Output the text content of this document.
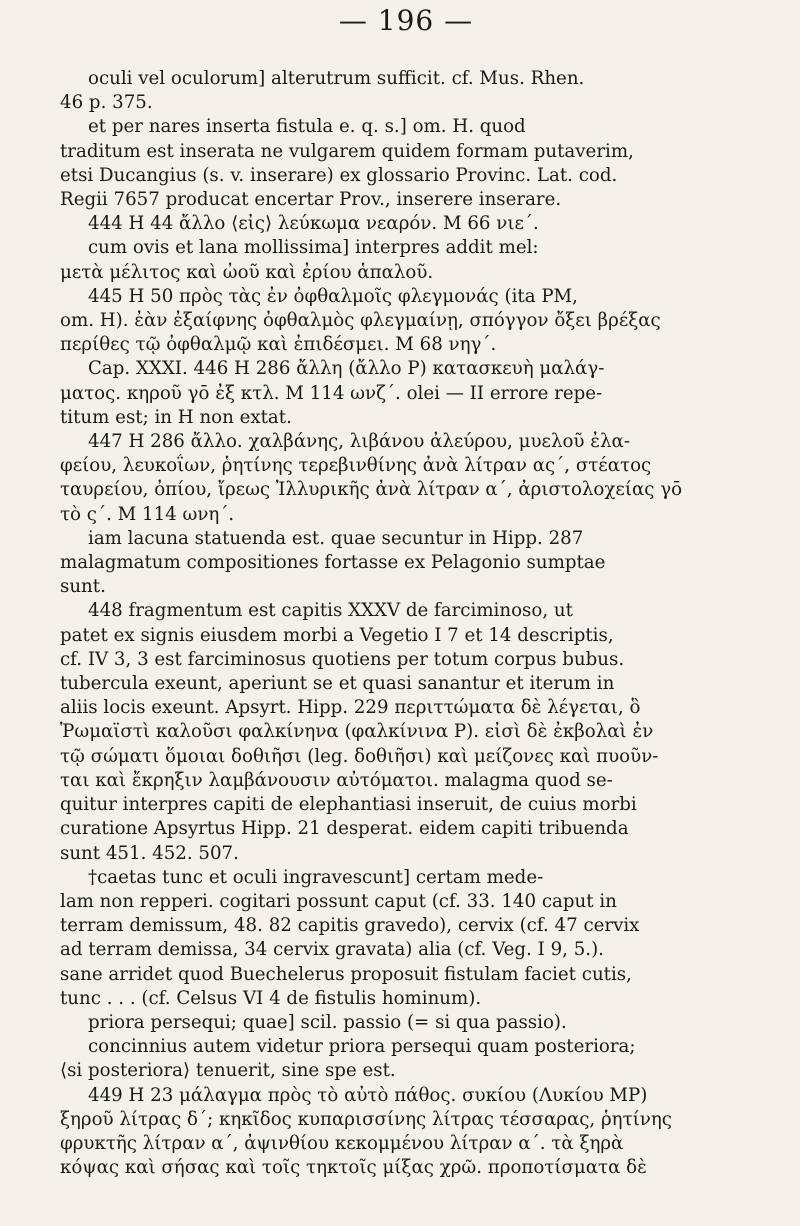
— 196 —
oculi vel oculorum] alterutrum sufficit. cf. Mus. Rhen.
46 p. 375.
et per nares inserta fistula e. q. s.] om. H. quod
traditum est inserata ne vulgarem quidem formam putaverim,
etsi Ducangius (s. v. inserare) ex glossario Provinc. Lat. cod.
Regii 7657 producat encertar Prov., inserere inserare.
444 H 44 ἄλλο ⟨εἰς⟩ λεύκωμα νεαρόν. M 66 νιε΄.
cum ovis et lana mollissima] interpres addit mel:
μετὰ μέλιτος καὶ ὠοῦ καὶ ἐρίου ἁπαλοῦ.
445 H 50 πρὸς τὰς ἐν ὀφθαλμοῖς φλεγμονάς (ita PM,
om. H). ἐὰν ἐξαίφνης ὀφθαλμὸς φλεγμαίνῃ, σπόγγον ὄξει βρέξας
περίθες τῷ ὀφθαλμῷ καὶ ἐπιδέσμει. M 68 νηγ΄.
Cap. XXXI. 446 H 286 ἄλλη (ἄλλο P) κατασκευὴ μαλάγ-
ματος. κηροῦ γō ἐξ κτλ. M 114 ωνζ΄. olei — II errore repe-
titum est; in H non extat.
447 H 286 ἄλλο. χαλβάνης, λιβάνου ἀλεύρου, μυελοῦ ἐλα-
φείου, λευκοΐων, ῥητίνης τερεβινθίνης ἀνὰ λίτραν ας΄, στέατος
ταυρείου, ὀπίου, ἴρεως Ἰλλυρικῆς ἀνὰ λίτραν α΄, ἀριστολοχείας γō
τὸ ς΄. M 114 ωνη΄.
iam lacuna statuenda est. quae secuntur in Hipp. 287
malagmatum compositiones fortasse ex Pelagonio sumptae
sunt.
448 fragmentum est capitis XXXV de farciminoso, ut
patet ex signis eiusdem morbi a Vegetio I 7 et 14 descriptis,
cf. IV 3, 3 est farciminosus quotiens per totum corpus bubus.
tubercula exeunt, aperiunt se et quasi sanantur et iterum in
aliis locis exeunt. Apsyrt. Hipp. 229 περιττώματα δὲ λέγεται, ὃ
Ῥωμαϊστὶ καλοῦσι φαλκίνηνα (φαλκίνινα P). εἰσὶ δὲ ἐκβολαὶ ἐν
τῷ σώματι ὅμοιαι δοθιῆσι (leg. δοθιῆσι) καὶ μείζονες καὶ πυοῦν-
ται καὶ ἔκρηξιν λαμβάνουσιν αὐτόματοι. malagma quod se-
quitur interpres capiti de elephantiasi inseruit, de cuius morbi
curatione Apsyrtus Hipp. 21 desperat. eidem capiti tribuenda
sunt 451. 452. 507.
†caetas tunc et oculi ingravescunt] certam mede-
lam non repperi. cogitari possunt caput (cf. 33. 140 caput in
terram demissum, 48. 82 capitis gravedo), cervix (cf. 47 cervix
ad terram demissa, 34 cervix gravata) alia (cf. Veg. I 9, 5.).
sane arridet quod Buechelerus proposuit fistulam faciet cutis,
tunc . . . (cf. Celsus VI 4 de fistulis hominum).
priora persequi; quae] scil. passio (= si qua passio).
concinnius autem videtur priora persequi quam posteriora;
⟨si posteriora⟩ tenuerit, sine spe est.
449 H 23 μάλαγμα πρὸς τὸ αὐτὸ πάθος. συκίου (Λυκίου MP)
ξηροῦ λίτρας δ΄; κηκῖδος κυπαρισσίνης λίτρας τέσσαρας, ῥητίνης
φρυκτῆς λίτραν α΄, ἀψινθίου κεκομμένου λίτραν α΄. τὰ ξηρὰ
κόψας καὶ σήσας καὶ τοῖς τηκτοῖς μίξας χρῶ. προποτίσματα δὲ
